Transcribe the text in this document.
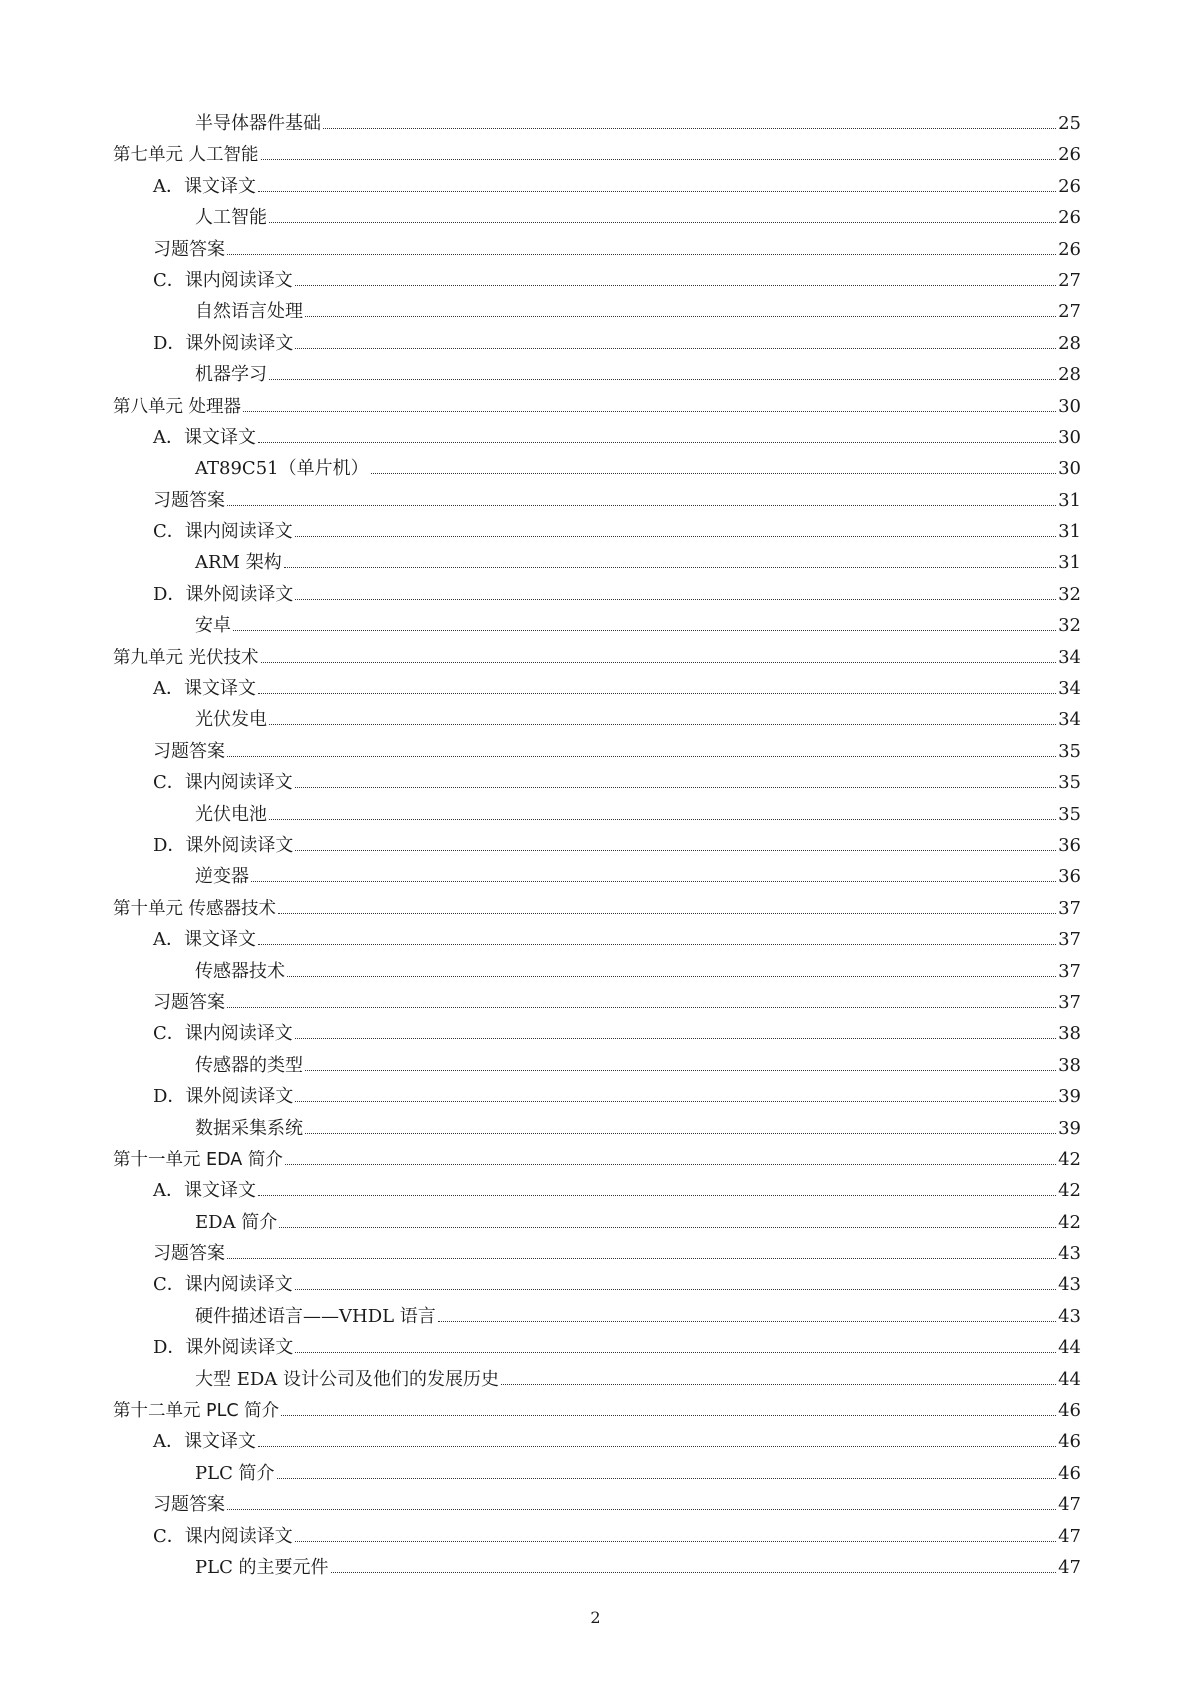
半导体器件基础	25
第七单元 人工智能	26
A．课文译文	26
人工智能	26
习题答案	26
C．课内阅读译文	27
自然语言处理	27
D．课外阅读译文	28
机器学习	28
第八单元 处理器	30
A．课文译文	30
AT89C51（单片机）	30
习题答案	31
C．课内阅读译文	31
ARM 架构	31
D．课外阅读译文	32
安卓	32
第九单元 光伏技术	34
A．课文译文	34
光伏发电	34
习题答案	35
C．课内阅读译文	35
光伏电池	35
D．课外阅读译文	36
逆变器	36
第十单元 传感器技术	37
A．课文译文	37
传感器技术	37
习题答案	37
C．课内阅读译文	38
传感器的类型	38
D．课外阅读译文	39
数据采集系统	39
第十一单元 EDA 简介	42
A．课文译文	42
EDA 简介	42
习题答案	43
C．课内阅读译文	43
硬件描述语言——VHDL 语言	43
D．课外阅读译文	44
大型 EDA 设计公司及他们的发展历史	44
第十二单元 PLC 简介	46
A．课文译文	46
PLC 简介	46
习题答案	47
C．课内阅读译文	47
PLC 的主要元件	47
2
